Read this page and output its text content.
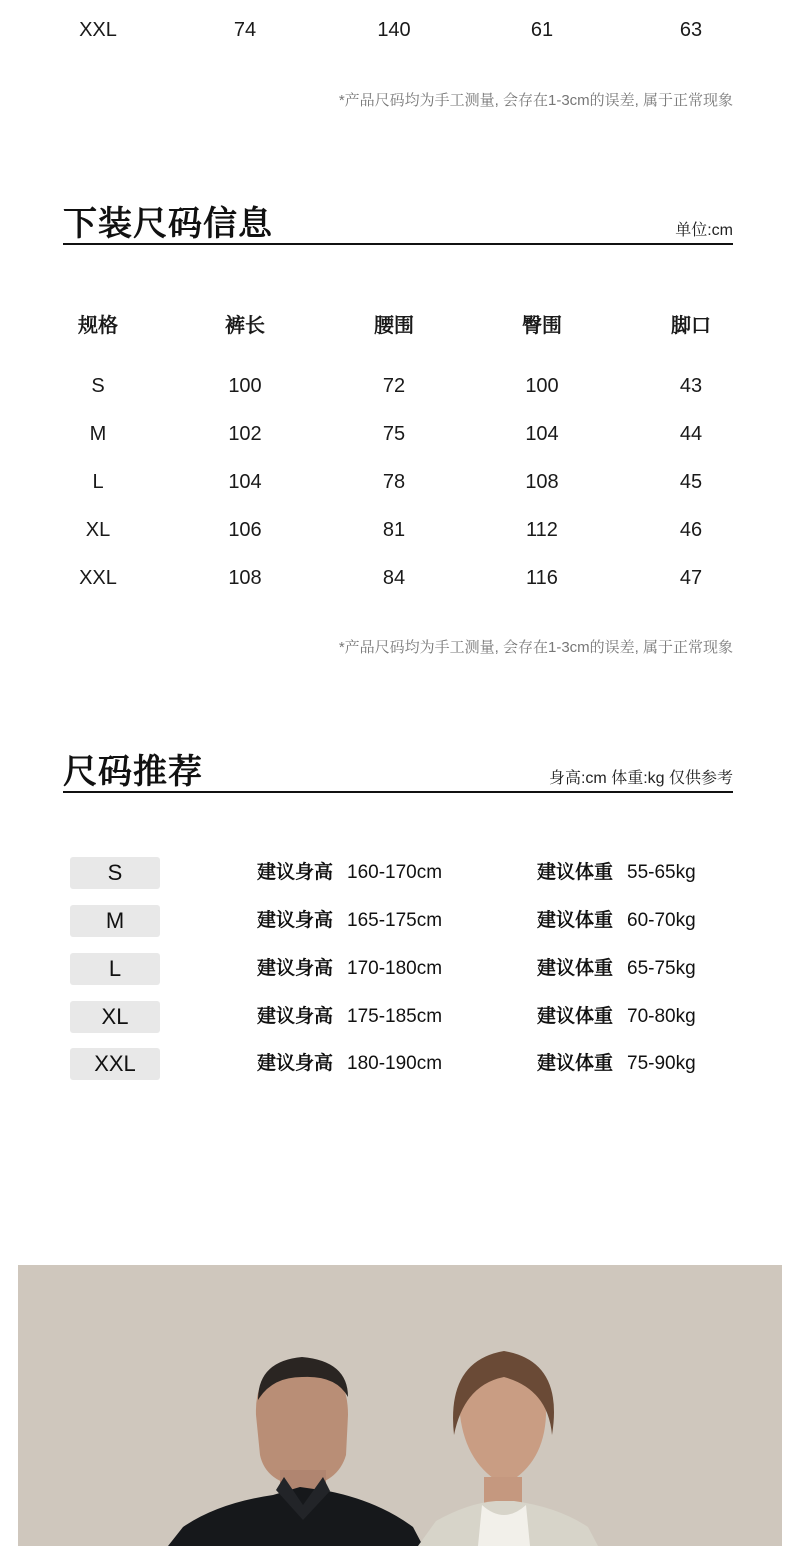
XXL	74	140	61	63
*产品尺码均为手工测量, 会存在1-3cm的误差, 属于正常现象
下装尺码信息	单位:cm
规格	裤长	腰围	臀围	脚口
S	100	72	100	43
M	102	75	104	44
L	104	78	108	45
XL	106	81	112	46
XXL	108	84	116	47
*产品尺码均为手工测量, 会存在1-3cm的误差, 属于正常现象
尺码推荐	身高:cm 体重:kg 仅供参考
S	建议身高 160-170cm	建议体重 55-65kg
M	建议身高 165-175cm	建议体重 60-70kg
L	建议身高 170-180cm	建议体重 65-75kg
XL	建议身高 175-185cm	建议体重 70-80kg
XXL	建议身高 180-190cm	建议体重 75-90kg
